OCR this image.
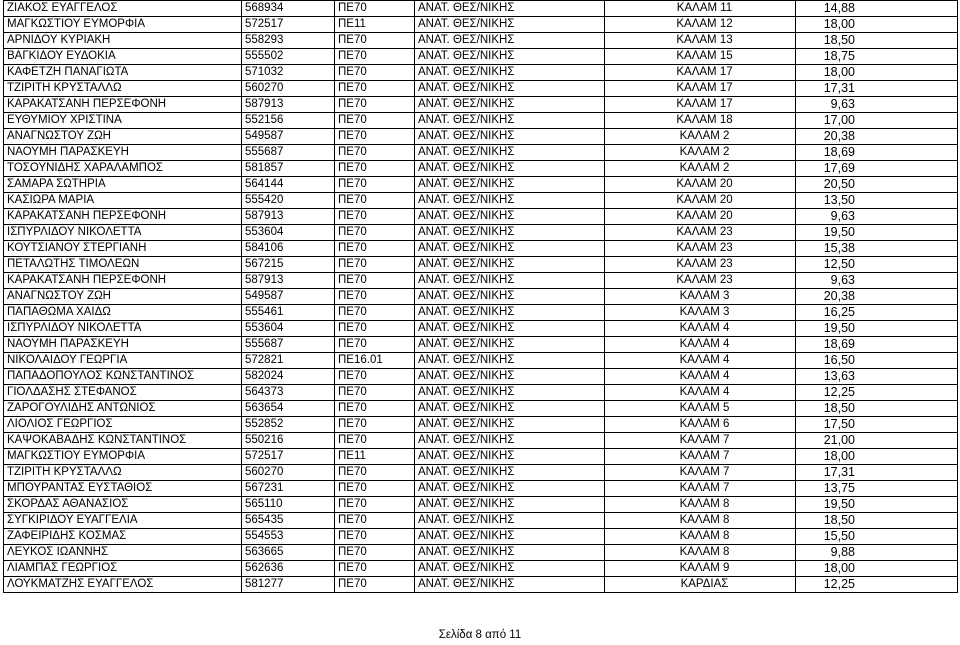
ΖΙΑΚΟΣ ΕΥΑΓΓΕΛΟΣ	568934	ΠΕ70	ΑΝΑΤ. ΘΕΣ/ΝΙΚΗΣ	ΚΑΛΑΜ 11	14,88
ΜΑΓΚΩΣΤΙΟΥ ΕΥΜΟΡΦΙΑ	572517	ΠΕ11	ΑΝΑΤ. ΘΕΣ/ΝΙΚΗΣ	ΚΑΛΑΜ 12	18,00
ΑΡΝΙΔΟΥ ΚΥΡΙΑΚΗ	558293	ΠΕ70	ΑΝΑΤ. ΘΕΣ/ΝΙΚΗΣ	ΚΑΛΑΜ 13	18,50
ΒΑΓΚΙΔΟΥ ΕΥΔΟΚΙΑ	555502	ΠΕ70	ΑΝΑΤ. ΘΕΣ/ΝΙΚΗΣ	ΚΑΛΑΜ 15	18,75
ΚΑΦΕΤΖΗ ΠΑΝΑΓΙΩΤΑ	571032	ΠΕ70	ΑΝΑΤ. ΘΕΣ/ΝΙΚΗΣ	ΚΑΛΑΜ 17	18,00
ΤΖΙΡΙΤΗ ΚΡΥΣΤΑΛΛΩ	560270	ΠΕ70	ΑΝΑΤ. ΘΕΣ/ΝΙΚΗΣ	ΚΑΛΑΜ 17	17,31
ΚΑΡΑΚΑΤΣΑΝΗ ΠΕΡΣΕΦΟΝΗ	587913	ΠΕ70	ΑΝΑΤ. ΘΕΣ/ΝΙΚΗΣ	ΚΑΛΑΜ 17	9,63
ΕΥΘΥΜΙΟΥ ΧΡΙΣΤΙΝΑ	552156	ΠΕ70	ΑΝΑΤ. ΘΕΣ/ΝΙΚΗΣ	ΚΑΛΑΜ 18	17,00
ΑΝΑΓΝΩΣΤΟΥ ΖΩΗ	549587	ΠΕ70	ΑΝΑΤ. ΘΕΣ/ΝΙΚΗΣ	ΚΑΛΑΜ 2	20,38
ΝΑΟΥΜΗ ΠΑΡΑΣΚΕΥΗ	555687	ΠΕ70	ΑΝΑΤ. ΘΕΣ/ΝΙΚΗΣ	ΚΑΛΑΜ 2	18,69
ΤΟΣΟΥΝΙΔΗΣ ΧΑΡΑΛΑΜΠΟΣ	581857	ΠΕ70	ΑΝΑΤ. ΘΕΣ/ΝΙΚΗΣ	ΚΑΛΑΜ 2	17,69
ΣΑΜΑΡΑ ΣΩΤΗΡΙΑ	564144	ΠΕ70	ΑΝΑΤ. ΘΕΣ/ΝΙΚΗΣ	ΚΑΛΑΜ 20	20,50
ΚΑΣΙΩΡΑ ΜΑΡΙΑ	555420	ΠΕ70	ΑΝΑΤ. ΘΕΣ/ΝΙΚΗΣ	ΚΑΛΑΜ 20	13,50
ΚΑΡΑΚΑΤΣΑΝΗ ΠΕΡΣΕΦΟΝΗ	587913	ΠΕ70	ΑΝΑΤ. ΘΕΣ/ΝΙΚΗΣ	ΚΑΛΑΜ 20	9,63
ΙΣΠΥΡΛΙΔΟΥ ΝΙΚΟΛΕΤΤΑ	553604	ΠΕ70	ΑΝΑΤ. ΘΕΣ/ΝΙΚΗΣ	ΚΑΛΑΜ 23	19,50
ΚΟΥΤΣΙΑΝΟΥ ΣΤΕΡΓΙΑΝΗ	584106	ΠΕ70	ΑΝΑΤ. ΘΕΣ/ΝΙΚΗΣ	ΚΑΛΑΜ 23	15,38
ΠΕΤΑΛΩΤΗΣ ΤΙΜΟΛΕΩΝ	567215	ΠΕ70	ΑΝΑΤ. ΘΕΣ/ΝΙΚΗΣ	ΚΑΛΑΜ 23	12,50
ΚΑΡΑΚΑΤΣΑΝΗ ΠΕΡΣΕΦΟΝΗ	587913	ΠΕ70	ΑΝΑΤ. ΘΕΣ/ΝΙΚΗΣ	ΚΑΛΑΜ 23	9,63
ΑΝΑΓΝΩΣΤΟΥ ΖΩΗ	549587	ΠΕ70	ΑΝΑΤ. ΘΕΣ/ΝΙΚΗΣ	ΚΑΛΑΜ 3	20,38
ΠΑΠΑΘΩΜΑ ΧΑΙΔΩ	555461	ΠΕ70	ΑΝΑΤ. ΘΕΣ/ΝΙΚΗΣ	ΚΑΛΑΜ 3	16,25
ΙΣΠΥΡΛΙΔΟΥ ΝΙΚΟΛΕΤΤΑ	553604	ΠΕ70	ΑΝΑΤ. ΘΕΣ/ΝΙΚΗΣ	ΚΑΛΑΜ 4	19,50
ΝΑΟΥΜΗ ΠΑΡΑΣΚΕΥΗ	555687	ΠΕ70	ΑΝΑΤ. ΘΕΣ/ΝΙΚΗΣ	ΚΑΛΑΜ 4	18,69
ΝΙΚΟΛΑΙΔΟΥ ΓΕΩΡΓΙΑ	572821	ΠΕ16.01	ΑΝΑΤ. ΘΕΣ/ΝΙΚΗΣ	ΚΑΛΑΜ 4	16,50
ΠΑΠΑΔΟΠΟΥΛΟΣ ΚΩΝΣΤΑΝΤΙΝΟΣ	582024	ΠΕ70	ΑΝΑΤ. ΘΕΣ/ΝΙΚΗΣ	ΚΑΛΑΜ 4	13,63
ΓΙΟΛΔΑΣΗΣ ΣΤΕΦΑΝΟΣ	564373	ΠΕ70	ΑΝΑΤ. ΘΕΣ/ΝΙΚΗΣ	ΚΑΛΑΜ 4	12,25
ΖΑΡΟΓΟΥΛΙΔΗΣ ΑΝΤΩΝΙΟΣ	563654	ΠΕ70	ΑΝΑΤ. ΘΕΣ/ΝΙΚΗΣ	ΚΑΛΑΜ 5	18,50
ΛΙΟΛΙΟΣ ΓΕΩΡΓΙΟΣ	552852	ΠΕ70	ΑΝΑΤ. ΘΕΣ/ΝΙΚΗΣ	ΚΑΛΑΜ 6	17,50
ΚΑΨΟΚΑΒΑΔΗΣ ΚΩΝΣΤΑΝΤΙΝΟΣ	550216	ΠΕ70	ΑΝΑΤ. ΘΕΣ/ΝΙΚΗΣ	ΚΑΛΑΜ 7	21,00
ΜΑΓΚΩΣΤΙΟΥ ΕΥΜΟΡΦΙΑ	572517	ΠΕ11	ΑΝΑΤ. ΘΕΣ/ΝΙΚΗΣ	ΚΑΛΑΜ 7	18,00
ΤΖΙΡΙΤΗ ΚΡΥΣΤΑΛΛΩ	560270	ΠΕ70	ΑΝΑΤ. ΘΕΣ/ΝΙΚΗΣ	ΚΑΛΑΜ 7	17,31
ΜΠΟΥΡΑΝΤΑΣ ΕΥΣΤΑΘΙΟΣ	567231	ΠΕ70	ΑΝΑΤ. ΘΕΣ/ΝΙΚΗΣ	ΚΑΛΑΜ 7	13,75
ΣΚΟΡΔΑΣ ΑΘΑΝΑΣΙΟΣ	565110	ΠΕ70	ΑΝΑΤ. ΘΕΣ/ΝΙΚΗΣ	ΚΑΛΑΜ 8	19,50
ΣΥΓΚΙΡΙΔΟΥ ΕΥΑΓΓΕΛΙΑ	565435	ΠΕ70	ΑΝΑΤ. ΘΕΣ/ΝΙΚΗΣ	ΚΑΛΑΜ 8	18,50
ΖΑΦΕΙΡΙΔΗΣ ΚΟΣΜΑΣ	554553	ΠΕ70	ΑΝΑΤ. ΘΕΣ/ΝΙΚΗΣ	ΚΑΛΑΜ 8	15,50
ΛΕΥΚΟΣ ΙΩΑΝΝΗΣ	563665	ΠΕ70	ΑΝΑΤ. ΘΕΣ/ΝΙΚΗΣ	ΚΑΛΑΜ 8	9,88
ΛΙΑΜΠΑΣ ΓΕΩΡΓΙΟΣ	562636	ΠΕ70	ΑΝΑΤ. ΘΕΣ/ΝΙΚΗΣ	ΚΑΛΑΜ 9	18,00
ΛΟΥΚΜΑΤΖΗΣ ΕΥΑΓΓΕΛΟΣ	581277	ΠΕ70	ΑΝΑΤ. ΘΕΣ/ΝΙΚΗΣ	ΚΑΡΔΙΑΣ	12,25
Σελίδα 8 από 11
